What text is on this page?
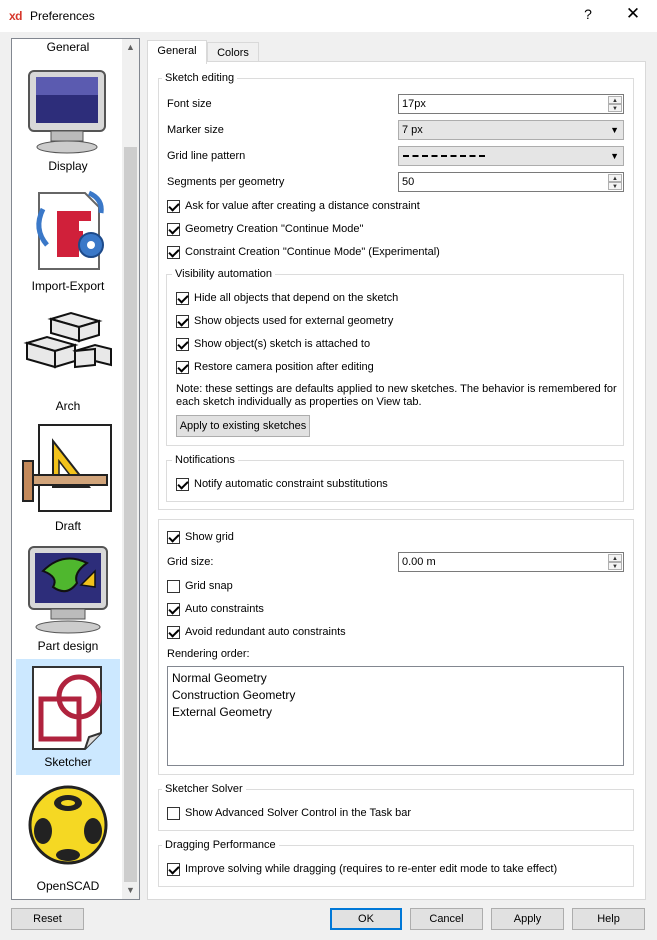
xd Preferences	?	✕
General
Display
Import-Export
Arch
Draft
Part design
Sketcher
OpenSCAD
▲
▼
General	Colors
Sketch editing
Font size	17px	▲
▼
Marker size	7 px	▼
Grid line pattern	▼
Segments per geometry	50	▲
▼
Ask for value after creating a distance constraint
Geometry Creation "Continue Mode"
Constraint Creation "Continue Mode" (Experimental)
Visibility automation
Hide all objects that depend on the sketch
Show objects used for external geometry
Show object(s) sketch is attached to
Restore camera position after editing
Note: these settings are defaults applied to new sketches. The behavior is remembered for each sketch individually as properties on View tab.
Apply to existing sketches
Notifications
Notify automatic constraint substitutions
Show grid
Grid size:	0.00 m	▲
▼
Grid snap
Auto constraints
Avoid redundant auto constraints
Rendering order:
Normal Geometry
Construction Geometry
External Geometry
Sketcher Solver
Show Advanced Solver Control in the Task bar
Dragging Performance
Improve solving while dragging (requires to re-enter edit mode to take effect)
Reset	OK	Cancel	Apply	Help
